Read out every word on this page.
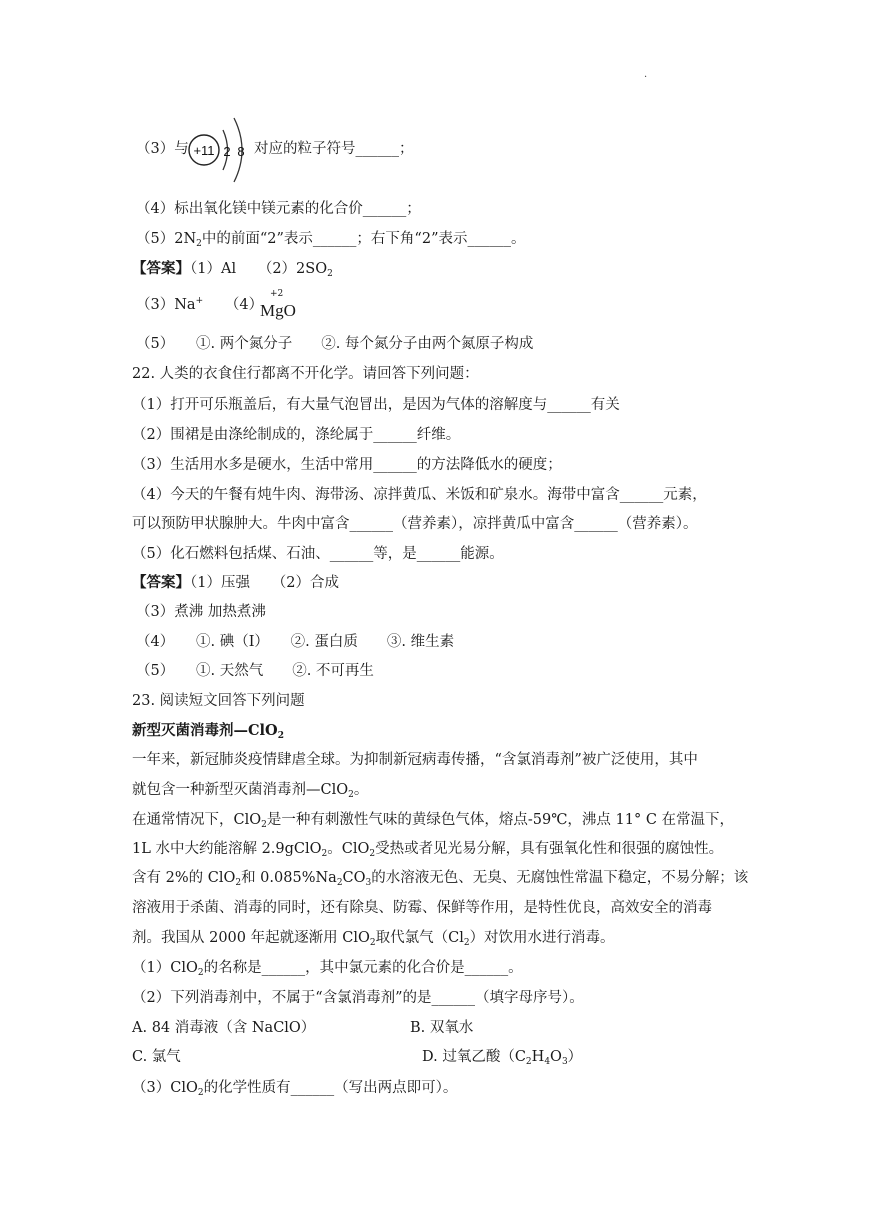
·
（3）与 +11 2 8 对应的粒子符号______；
（4）标出氧化镁中镁元素的化合价______；
$(5)2N_2$中的前面“2”表示______；右下角“2”表示______。
【答案】（1）Al　　$(2)2SO_2$
（3）Na+　　（4）
+2
MgO
（5）　　①. 两个氮分子　　②. 每个氮分子由两个氮原子构成
22. 人类的衣食住行都离不开化学。请回答下列问题：
（1）打开可乐瓶盖后，有大量气泡冒出，是因为气体的溶解度与______有关
（2）围裙是由涤纶制成的，涤纶属于______纤维。
（3）生活用水多是硬水，生活中常用______的方法降低水的硬度；
（4）今天的午餐有炖牛肉、海带汤、凉拌黄瓜、米饭和矿泉水。海带中富含______元素，
可以预防甲状腺肿大。牛肉中富含______（营养素），凉拌黄瓜中富含______（营养素）。
（5）化石燃料包括煤、石油、______等，是______能源。
【答案】（1）压强　　（2）合成
（3）煮沸 加热煮沸
（4）　　①. 碘（I）　　②. 蛋白质　　③. 维生素
（5）　　①. 天然气　　②. 不可再生
23. 阅读短文回答下列问题
新型灭菌消毒剂—ClO$_2$
一年来，新冠肺炎疫情肆虐全球。为抑制新冠病毒传播，“含氯消毒剂”被广泛使用，其中
就包含一种新型灭菌消毒剂—ClO$_2$。
在通常情况下，ClO$_2$是一种有刺激性气味的黄绿色气体，熔点-59℃，沸点 11° C 在常温下，
1L 水中大约能溶解 2.9gClO$_2$。ClO$_2$受热或者见光易分解，具有强氧化性和很强的腐蚀性。
含有 2%的 ClO$_2$和 $0.085\%Na_2CO_3$的水溶液无色、无臭、无腐蚀性常温下稳定，不易分解；该
溶液用于杀菌、消毒的同时，还有除臭、防霉、保鲜等作用，是特性优良，高效安全的消毒
剂。我国从 2000 年起就逐渐用 ClO$_2$取代氯气$(Cl_2)$对饮用水进行消毒。
（1）ClO$_2$的名称是______，其中氯元素的化合价是______。
（2）下列消毒剂中，不属于“含氯消毒剂”的是______（填字母序号）。
A. 84 消毒液（含 NaClO）	B. 双氧水
C. 氯气	D. 过氧乙酸$(C_2H_4O_3)$
（3）ClO$_2$的化学性质有______（写出两点即可）。
